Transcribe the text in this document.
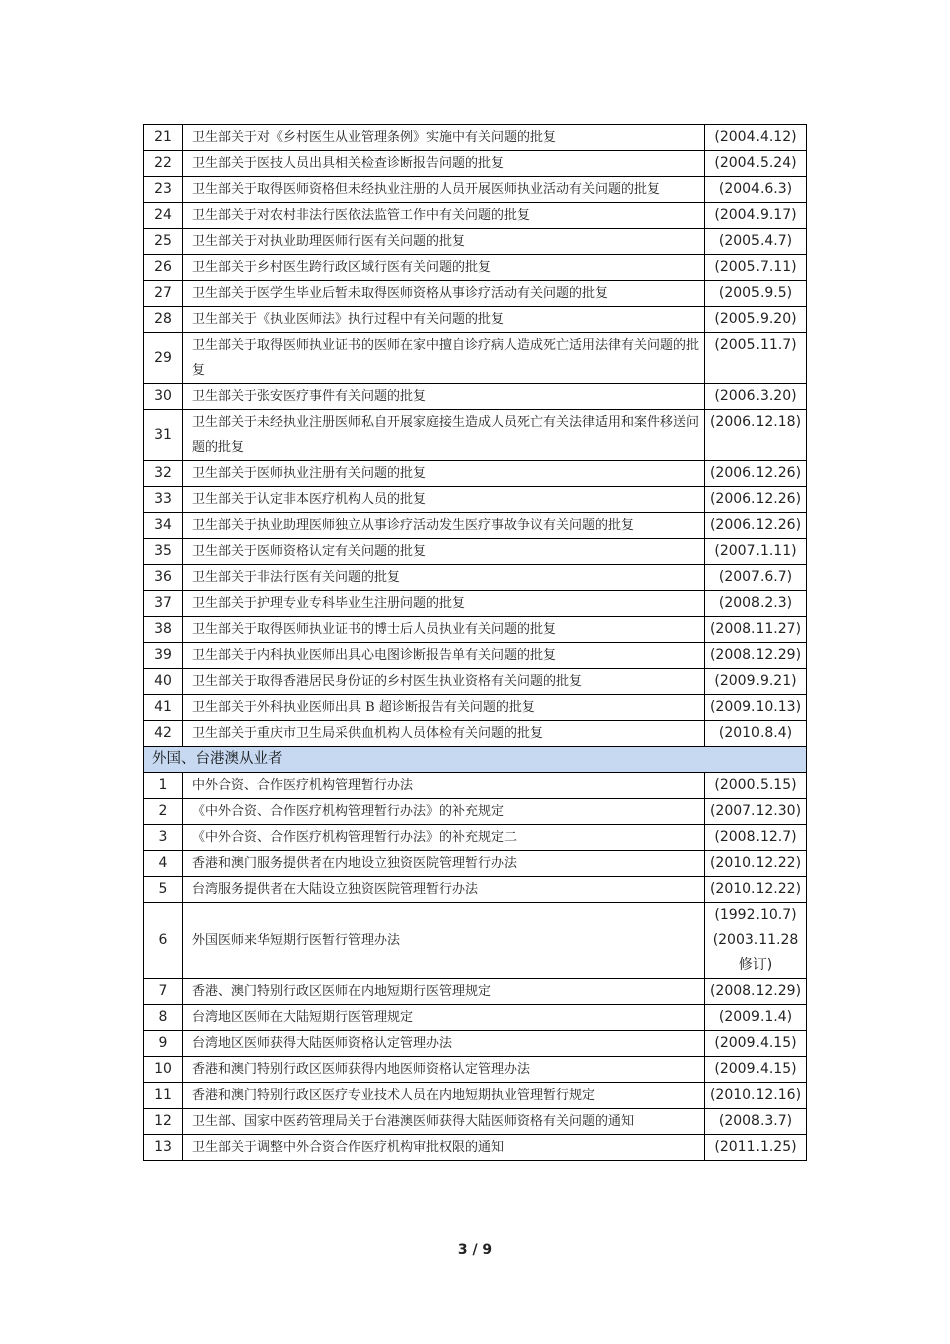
21	卫生部关于对《乡村医生从业管理条例》实施中有关问题的批复	(2004.4.12)

22	卫生部关于医技人员出具相关检查诊断报告问题的批复	(2004.5.24)

23	卫生部关于取得医师资格但未经执业注册的人员开展医师执业活动有关问题的批复	(2004.6.3)

24	卫生部关于对农村非法行医依法监管工作中有关问题的批复	(2004.9.17)

25	卫生部关于对执业助理医师行医有关问题的批复	(2005.4.7)

26	卫生部关于乡村医生跨行政区域行医有关问题的批复	(2005.7.11)

27	卫生部关于医学生毕业后暂未取得医师资格从事诊疗活动有关问题的批复	(2005.9.5)

28	卫生部关于《执业医师法》执行过程中有关问题的批复	(2005.9.20)

29	卫生部关于取得医师执业证书的医师在家中擅自诊疗病人造成死亡适用法律有关问题的批复	(2005.11.7)

30	卫生部关于张安医疗事件有关问题的批复	(2006.3.20)

31	卫生部关于未经执业注册医师私自开展家庭接生造成人员死亡有关法律适用和案件移送问题的批复	(2006.12.18)

32	卫生部关于医师执业注册有关问题的批复	(2006.12.26)

33	卫生部关于认定非本医疗机构人员的批复	(2006.12.26)

34	卫生部关于执业助理医师独立从事诊疗活动发生医疗事故争议有关问题的批复	(2006.12.26)

35	卫生部关于医师资格认定有关问题的批复	(2007.1.11)

36	卫生部关于非法行医有关问题的批复	(2007.6.7)

37	卫生部关于护理专业专科毕业生注册问题的批复	(2008.2.3)

38	卫生部关于取得医师执业证书的博士后人员执业有关问题的批复	(2008.11.27)

39	卫生部关于内科执业医师出具心电图诊断报告单有关问题的批复	(2008.12.29)

40	卫生部关于取得香港居民身份证的乡村医生执业资格有关问题的批复	(2009.9.21)

41	卫生部关于外科执业医师出具 B 超诊断报告有关问题的批复	(2009.10.13)

42	卫生部关于重庆市卫生局采供血机构人员体检有关问题的批复	(2010.8.4)

外国、台港澳从业者		
1	中外合资、合作医疗机构管理暂行办法	(2000.5.15)

2	《中外合资、合作医疗机构管理暂行办法》的补充规定	(2007.12.30)

3	《中外合资、合作医疗机构管理暂行办法》的补充规定二	(2008.12.7)

4	香港和澳门服务提供者在内地设立独资医院管理暂行办法	(2010.12.22)

5	台湾服务提供者在大陆设立独资医院管理暂行办法	(2010.12.22)

6	外国医师来华短期行医暂行管理办法	(1992.10.7)
(2003.11.28
修订)

7	香港、澳门特别行政区医师在内地短期行医管理规定	(2008.12.29)

8	台湾地区医师在大陆短期行医管理规定	(2009.1.4)

9	台湾地区医师获得大陆医师资格认定管理办法	(2009.4.15)

10	香港和澳门特别行政区医师获得内地医师资格认定管理办法	(2009.4.15)

11	香港和澳门特别行政区医疗专业技术人员在内地短期执业管理暂行规定	(2010.12.16)

12	卫生部、国家中医药管理局关于台港澳医师获得大陆医师资格有关问题的通知	(2008.3.7)

13	卫生部关于调整中外合资合作医疗机构审批权限的通知	(2011.1.25)
3 / 9
